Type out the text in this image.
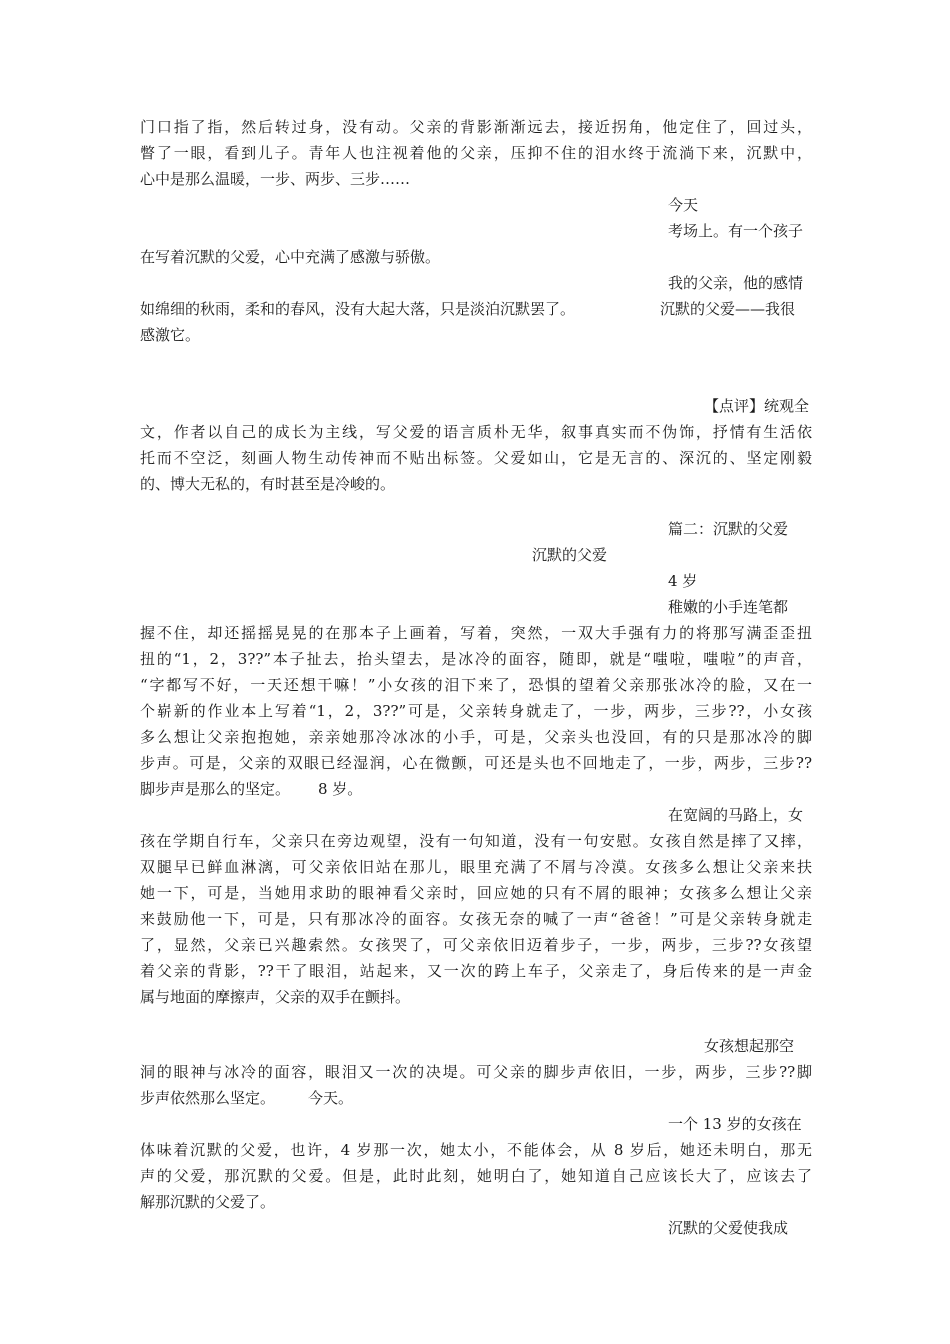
门口指了指，然后转过身，没有动。父亲的背影渐渐远去，接近拐角，他定住了，回过头，
瞥了一眼，看到儿子。青年人也注视着他的父亲，压抑不住的泪水终于流淌下来，沉默中，
心中是那么温暖，一步、两步、三步……
今天
考场上。有一个孩子
在写着沉默的父爱，心中充满了感激与骄傲。
我的父亲，他的感情
如绵细的秋雨，柔和的春风，没有大起大落，只是淡泊沉默罢了。	沉默的父爱——我很
感激它。
【点评】统观全
文，作者以自己的成长为主线，写父爱的语言质朴无华，叙事真实而不伪饰，抒情有生活依
托而不空泛，刻画人物生动传神而不贴出标签。父爱如山，它是无言的、深沉的、坚定刚毅
的、博大无私的，有时甚至是冷峻的。
篇二：沉默的父爱
沉默的父爱
4 岁
稚嫩的小手连笔都
握不住，却还摇摇晃晃的在那本子上画着，写着，突然，一双大手强有力的将那写满歪歪扭
扭的“1，2，3??”本子扯去，抬头望去，是冰冷的面容，随即，就是“嗤啦，嗤啦”的声音，
“字都写不好，一天还想干嘛！”小女孩的泪下来了，恐惧的望着父亲那张冰冷的脸，又在一
个崭新的作业本上写着“1，2，3??”可是，父亲转身就走了，一步，两步，三步??，小女孩
多么想让父亲抱抱她，亲亲她那冷冰冰的小手，可是，父亲头也没回，有的只是那冰冷的脚
步声。可是，父亲的双眼已经湿润，心在微颤，可还是头也不回地走了，一步，两步，三步??
脚步声是那么的坚定。 8 岁。
在宽阔的马路上，女
孩在学期自行车，父亲只在旁边观望，没有一句知道，没有一句安慰。女孩自然是摔了又摔，
双腿早已鲜血淋漓，可父亲依旧站在那儿，眼里充满了不屑与冷漠。女孩多么想让父亲来扶
她一下，可是，当她用求助的眼神看父亲时，回应她的只有不屑的眼神；女孩多么想让父亲
来鼓励他一下，可是，只有那冰冷的面容。女孩无奈的喊了一声“爸爸！”可是父亲转身就走
了，显然，父亲已兴趣索然。女孩哭了，可父亲依旧迈着步子，一步，两步，三步??女孩望
着父亲的背影，??干了眼泪，站起来，又一次的跨上车子，父亲走了，身后传来的是一声金
属与地面的摩擦声，父亲的双手在颤抖。
女孩想起那空
洞的眼神与冰冷的面容，眼泪又一次的决堤。可父亲的脚步声依旧，一步，两步，三步??脚
步声依然那么坚定。 今天。
一个 13 岁的女孩在
体味着沉默的父爱，也许，4 岁那一次，她太小，不能体会，从 8 岁后，她还未明白，那无
声的父爱，那沉默的父爱。但是，此时此刻，她明白了，她知道自己应该长大了，应该去了
解那沉默的父爱了。
沉默的父爱使我成
